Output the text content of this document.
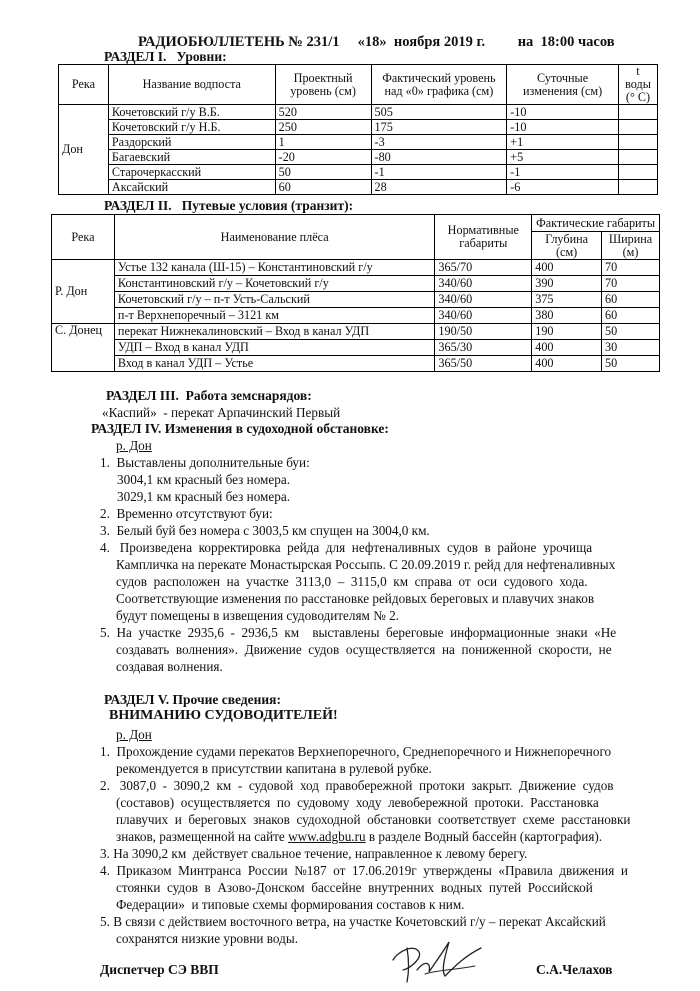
РАДИОБЮЛЛЕТЕНЬ № 231/1     «18»  ноября 2019 г.         на  18:00 часов
РАЗДЕЛ I.   Уровни:
Река	Название водпоста	Проектный уровень (см)	Фактический уровень над «0» графика (см)	Суточные изменения (см)	t воды (° С)
Дон	Кочетовский г/у В.Б.	520	505	-10	
	Кочетовский г/у Н.Б.	250	175	-10	
	Раздорский	1	-3	+1	
	Багаевский	-20	-80	+5	
	Старочеркасский	50	-1	-1	
	Аксайский	60	28	-6	
РАЗДЕЛ II.   Путевые условия (транзит):
Река	Наименование плёса	Нормативные габариты	Фактические габариты	
			Глубина (см)	Ширина (м)
Р. Дон	Устье 132 канала (Ш-15) – Константиновский г/у	365/70	400	70
	Константиновский г/у – Кочетовский г/у	340/60	390	70
	Кочетовский г/у – п-т Усть-Сальский	340/60	375	60
	п-т Верхнепоречный – 3121 км	340/60	380	60
С. Донец	перекат Нижнекалиновский – Вход в канал УДП	190/50	190	50
	УДП – Вход в канал УДП	365/30	400	30
	Вход в канал УДП – Устье	365/50	400	50
РАЗДЕЛ III.  Работа земснарядов:
«Каспий»  - перекат Арпачинский Первый
РАЗДЕЛ IV. Изменения в судоходной обстановке:
р. Дон
1.  Выставлены дополнительные буи:
3004,1 км красный без номера.
3029,1 км красный без номера.
2.  Временно отсутствуют буи:
3.  Белый буй без номера с 3003,5 км спущен на 3004,0 км.
4.   Произведена  корректировка  рейда  для  нефтеналивных  судов  в  районе  урочища
Кампличка на перекате Монастырская Россыпь. С 20.09.2019 г. рейд для нефтеналивных
судов  расположен  на  участке  3113,0  –  3115,0  км  справа  от  оси  судового  хода.
Соответствующие изменения по расстановке рейдовых береговых и плавучих знаков
будут помещены в извещения судоводителям № 2.
5.  На  участке  2935,6  -  2936,5  км    выставлены  береговые  информационные  знаки  «Не
создавать  волнения».  Движение  судов  осуществляется  на  пониженной  скорости,  не
создавая волнения.
РАЗДЕЛ V. Прочие сведения:
ВНИМАНИЮ СУДОВОДИТЕЛЕЙ!
р. Дон
1.  Прохождение судами перекатов Верхнепоречного, Среднепоречного и Нижнепоречного
рекомендуется в присутствии капитана в рулевой рубке.
2.   3087,0  -  3090,2  км  -  судовой  ход  правобережной  протоки  закрыт.  Движение  судов
(составов)  осуществляется  по  судовому  ходу  левобережной  протоки.  Расстановка
плавучих  и  береговых  знаков  судоходной  обстановки  соответствует  схеме  расстановки
знаков, размещенной на сайте www.adgbu.ru в разделе Водный бассейн (картография).
3. На 3090,2 км  действует свальное течение, направленное к левому берегу.
4.  Приказом  Минтранса  России  №187  от  17.06.2019г  утверждены  «Правила  движения  и
стоянки  судов  в  Азово-Донском  бассейне  внутренних  водных  путей  Российской
Федерации»  и типовые схемы формирования составов к ним.
5. В связи с действием восточного ветра, на участке Кочетовский г/у – перекат Аксайский
сохранятся низкие уровни воды.
Диспетчер СЭ ВВП	С.А.Челахов
